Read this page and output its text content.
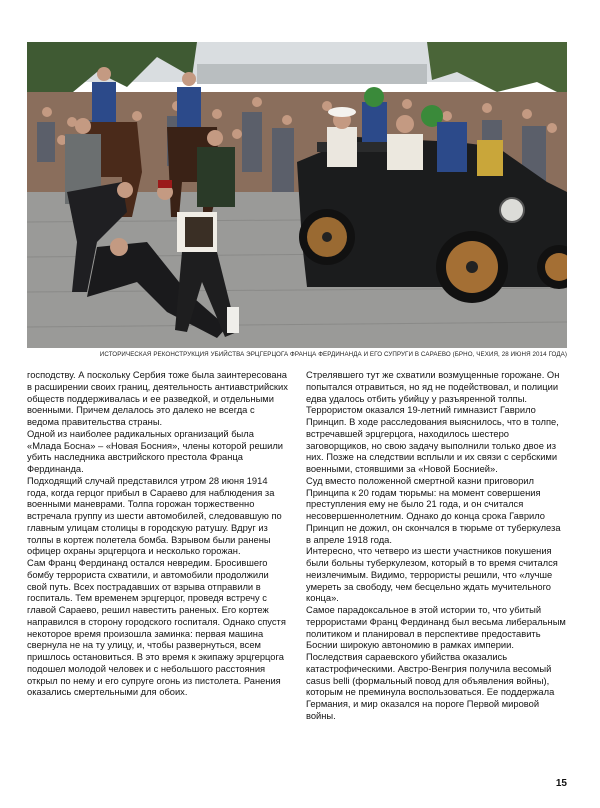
ИСТОРИЧЕСКАЯ РЕКОНСТРУКЦИЯ УБИЙСТВА ЭРЦГЕРЦОГА ФРАНЦА ФЕРДИНАНДА И ЕГО СУПРУГИ В САРАЕВО (БРНО, ЧЕХИЯ, 28 ИЮНЯ 2014 ГОДА)

господству. А поскольку Сербия тоже была заинтересована в расширении своих границ, деятельность антиавстрийских обществ поддерживалась и ее разведкой, и отдельными военными. Причем делалось это далеко не всегда с ведома правительства страны.

Одной из наиболее радикальных организаций была «Млада Босна» – «Новая Босния», члены которой решили убить наследника австрийского престола Франца Фердинанда.

Подходящий случай представился утром 28 июня 1914 года, когда герцог прибыл в Сараево для наблюдения за военными маневрами. Толпа горожан торжественно встречала группу из шести автомобилей, следовавшую по главным улицам столицы в городскую ратушу. Вдруг из толпы в кортеж полетела бомба. Взрывом были ранены офицер охраны эрцгерцога и несколько горожан.

Сам Франц Фердинанд остался невредим. Бросившего бомбу террориста схватили, и автомобили продолжили свой путь. Всех пострадавших от взрыва отправили в госпиталь. Тем временем эрцгерцог, проведя встречу с главой Сараево, решил навестить раненых. Его кортеж направился в сторону городского госпиталя. Однако спустя некоторое время произошла заминка: первая машина свернула не на ту улицу, и, чтобы развернуться, всем пришлось остановиться. В это время к экипажу эрцгерцога подошел молодой человек и с небольшого расстояния открыл по нему и его супруге огонь из пистолета. Ранения оказались смертельными для обоих.

Стрелявшего тут же схватили возмущенные горожане. Он попытался отравиться, но яд не подействовал, и полиции едва удалось отбить убийцу у разъяренной толпы. Террористом оказался 19-летний гимназист Гаврило Принцип. В ходе расследования выяснилось, что в толпе, встречавшей эрцгерцога, находилось шестеро заговорщиков, но свою задачу выполнили только двое из них. Позже на следствии всплыли и их связи с сербскими военными, стоявшими за «Новой Боснией».

Суд вместо положенной смертной казни приговорил Принципа к 20 годам тюрьмы: на момент совершения преступления ему не было 21 года, и он считался несовершеннолетним. Однако до конца срока Гаврило Принцип не дожил, он скончался в тюрьме от туберкулеза в апреле 1918 года.

Интересно, что четверо из шести участников покушения были больны туберкулезом, который в то время считался неизлечимым. Видимо, террористы решили, что «лучше умереть за свободу, чем бесцельно ждать мучительного конца».

Самое парадоксальное в этой истории то, что убитый террористами Франц Фердинанд был весьма либеральным политиком и планировал в перспективе предоставить Боснии широкую автономию в рамках империи.

Последствия сараевского убийства оказались катастрофическими. Австро-Венгрия получила весомый casus belli (формальный повод для объявления войны), которым не преминула воспользоваться. Ее поддержала Германия, и мир оказался на пороге Первой мировой войны.

15
